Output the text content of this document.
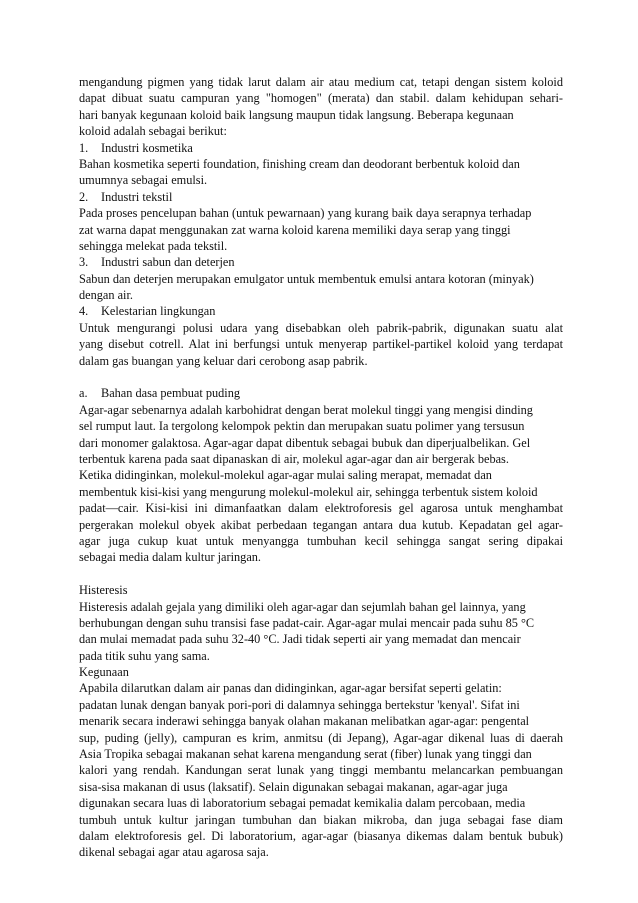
mengandung pigmen yang tidak larut dalam air atau medium cat, tetapi dengan sistem koloid
dapat dibuat suatu campuran yang "homogen" (merata) dan stabil. dalam kehidupan sehari-
hari banyak kegunaan koloid baik langsung maupun tidak langsung. Beberapa kegunaan
koloid adalah sebagai berikut:
1. Industri kosmetika
Bahan kosmetika seperti foundation, finishing cream dan deodorant berbentuk koloid dan
umumnya sebagai emulsi.
2. Industri tekstil
Pada proses pencelupan bahan (untuk pewarnaan) yang kurang baik daya serapnya terhadap
zat warna dapat menggunakan zat warna koloid karena memiliki daya serap yang tinggi
sehingga melekat pada tekstil.
3. Industri sabun dan deterjen
Sabun dan deterjen merupakan emulgator untuk membentuk emulsi antara kotoran (minyak)
dengan air.
4. Kelestarian lingkungan
Untuk mengurangi polusi udara yang disebabkan oleh pabrik-pabrik, digunakan suatu alat
yang disebut cotrell. Alat ini berfungsi untuk menyerap partikel-partikel koloid yang terdapat
dalam gas buangan yang keluar dari cerobong asap pabrik.
a. Bahan dasa pembuat puding
Agar-agar sebenarnya adalah karbohidrat dengan berat molekul tinggi yang mengisi dinding
sel rumput laut. Ia tergolong kelompok pektin dan merupakan suatu polimer yang tersusun
dari monomer galaktosa. Agar-agar dapat dibentuk sebagai bubuk dan diperjualbelikan. Gel
terbentuk karena pada saat dipanaskan di air, molekul agar-agar dan air bergerak bebas.
Ketika didinginkan, molekul-molekul agar-agar mulai saling merapat, memadat dan
membentuk kisi-kisi yang mengurung molekul-molekul air, sehingga terbentuk sistem koloid
padat—cair. Kisi-kisi ini dimanfaatkan dalam elektroforesis gel agarosa untuk menghambat
pergerakan molekul obyek akibat perbedaan tegangan antara dua kutub. Kepadatan gel agar-
agar juga cukup kuat untuk menyangga tumbuhan kecil sehingga sangat sering dipakai
sebagai media dalam kultur jaringan.
Histeresis
Histeresis adalah gejala yang dimiliki oleh agar-agar dan sejumlah bahan gel lainnya, yang
berhubungan dengan suhu transisi fase padat-cair. Agar-agar mulai mencair pada suhu 85 °C
dan mulai memadat pada suhu 32-40 °C. Jadi tidak seperti air yang memadat dan mencair
pada titik suhu yang sama.
Kegunaan
Apabila dilarutkan dalam air panas dan didinginkan, agar-agar bersifat seperti gelatin:
padatan lunak dengan banyak pori-pori di dalamnya sehingga bertekstur 'kenyal'. Sifat ini
menarik secara inderawi sehingga banyak olahan makanan melibatkan agar-agar: pengental
sup, puding (jelly), campuran es krim, anmitsu (di Jepang), Agar-agar dikenal luas di daerah
Asia Tropika sebagai makanan sehat karena mengandung serat (fiber) lunak yang tinggi dan
kalori yang rendah. Kandungan serat lunak yang tinggi membantu melancarkan pembuangan
sisa-sisa makanan di usus (laksatif). Selain digunakan sebagai makanan, agar-agar juga
digunakan secara luas di laboratorium sebagai pemadat kemikalia dalam percobaan, media
tumbuh untuk kultur jaringan tumbuhan dan biakan mikroba, dan juga sebagai fase diam
dalam elektroforesis gel. Di laboratorium, agar-agar (biasanya dikemas dalam bentuk bubuk)
dikenal sebagai agar atau agarosa saja.
